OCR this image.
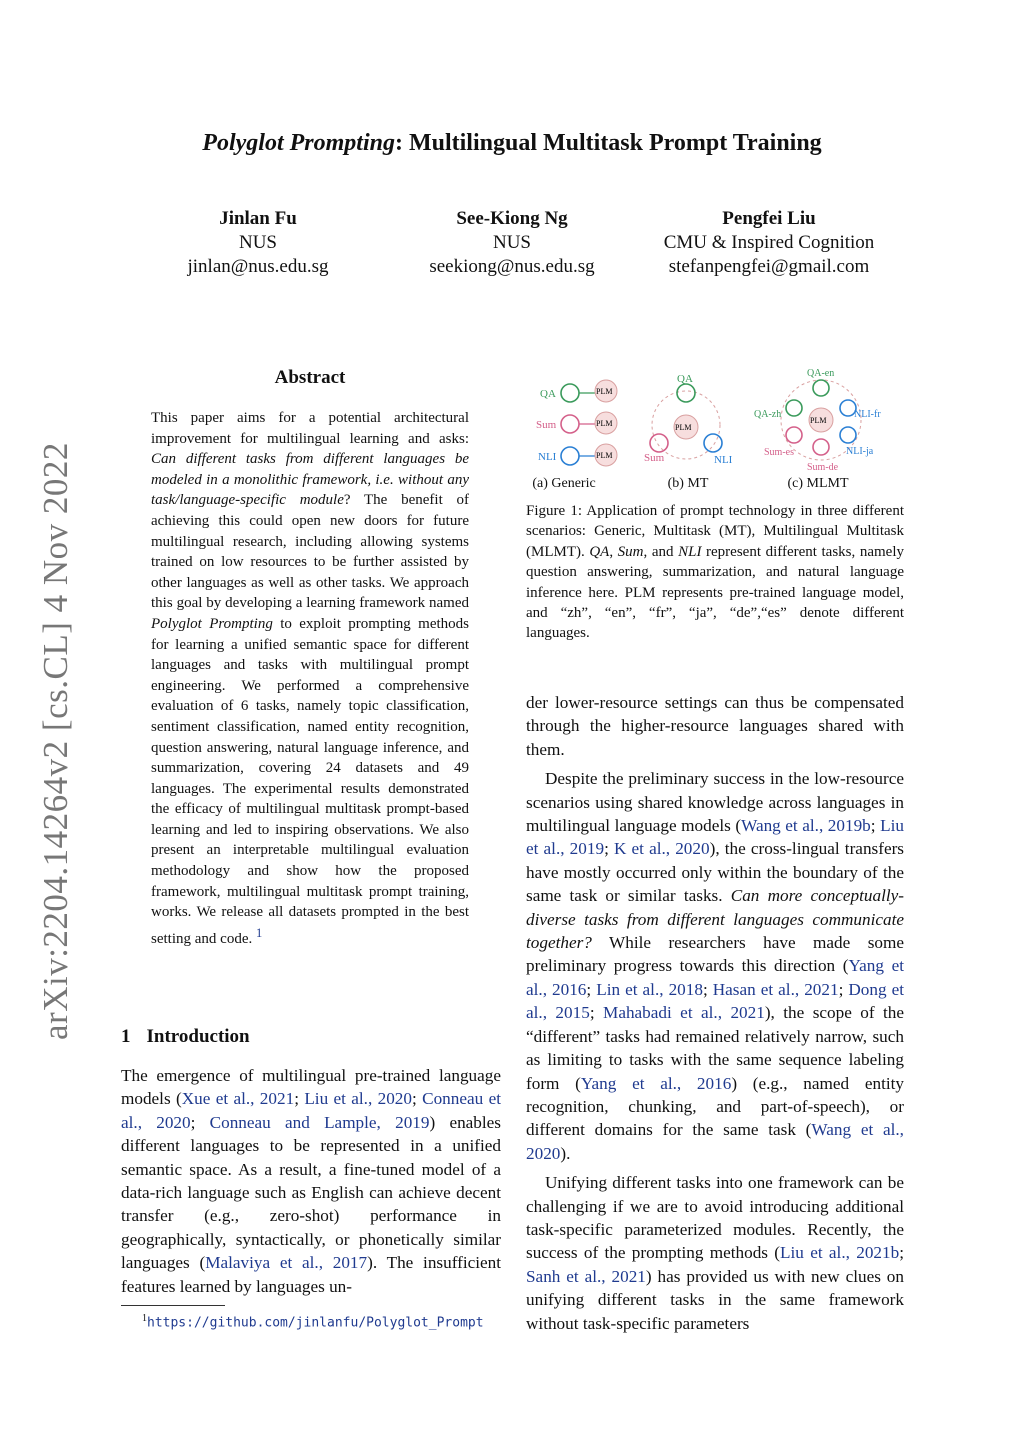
Polyglot Prompting: Multilingual Multitask Prompt Training
Jinlan Fu
NUS
jinlan@nus.edu.sg
See-Kiong Ng
NUS
seekiong@nus.edu.sg
Pengfei Liu
CMU & Inspired Cognition
stefanpengfei@gmail.com
arXiv:2204.14264v2 [cs.CL] 4 Nov 2022
Abstract
This paper aims for a potential architectural improvement for multilingual learning and asks: Can different tasks from different languages be modeled in a monolithic framework, i.e. without any task/language-specific module? The benefit of achieving this could open new doors for future multilingual research, including allowing systems trained on low resources to be further assisted by other languages as well as other tasks. We approach this goal by developing a learning framework named Polyglot Prompting to exploit prompting methods for learning a unified semantic space for different languages and tasks with multilingual prompt engineering. We performed a comprehensive evaluation of 6 tasks, namely topic classification, sentiment classification, named entity recognition, question answering, natural language inference, and summarization, covering 24 datasets and 49 languages. The experimental results demonstrated the efficacy of multilingual multitask prompt-based learning and led to inspiring observations. We also present an interpretable multilingual evaluation methodology and show how the proposed framework, multilingual multitask prompt training, works. We release all datasets prompted in the best setting and code. $^1$
1 Introduction
The emergence of multilingual pre-trained language models (Xue et al., 2021; Liu et al., 2020; Conneau et al., 2020; Conneau and Lample, 2019) enables different languages to be represented in a unified semantic space. As a result, a fine-tuned model of a data-rich language such as English can achieve decent transfer (e.g., zero-shot) performance in geographically, syntactically, or phonetically similar languages (Malaviya et al., 2017). The insufficient features learned by languages un-
$^1$https://github.com/jinlanfu/Polyglot_Prompt
QA	PLM
Sum	PLM
NLI	PLM
QA
PLM
Sum	NLI
QA-en
QA-zh
PLM
NLI-fr
Sum-es
Sum-de
NLI-ja
(a) Generic	(b) MT	(c) MLMT
Figure 1: Application of prompt technology in three different scenarios: Generic, Multitask (MT), Multilingual Multitask (MLMT). QA, Sum, and NLI represent different tasks, namely question answering, summarization, and natural language inference here. PLM represents pre-trained language model, and “zh”, “en”, “fr”, “ja”, “de”,“es” denote different languages.

der lower-resource settings can thus be compensated through the higher-resource languages shared with them.

Despite the preliminary success in the low-resource scenarios using shared knowledge across languages in multilingual language models (Wang et al., 2019b; Liu et al., 2019; K et al., 2020), the cross-lingual transfers have mostly occurred only within the boundary of the same task or similar tasks. Can more conceptually-diverse tasks from different languages communicate together? While researchers have made some preliminary progress towards this direction (Yang et al., 2016; Lin et al., 2018; Hasan et al., 2021; Dong et al., 2015; Mahabadi et al., 2021), the scope of the “different” tasks had remained relatively narrow, such as limiting to tasks with the same sequence labeling form (Yang et al., 2016) (e.g., named entity recognition, chunking, and part-of-speech), or different domains for the same task (Wang et al., 2020).

Unifying different tasks into one framework can be challenging if we are to avoid introducing additional task-specific parameterized modules. Recently, the success of the prompting methods (Liu et al., 2021b; Sanh et al., 2021) has provided us with new clues on unifying different tasks in the same framework without task-specific parameters
